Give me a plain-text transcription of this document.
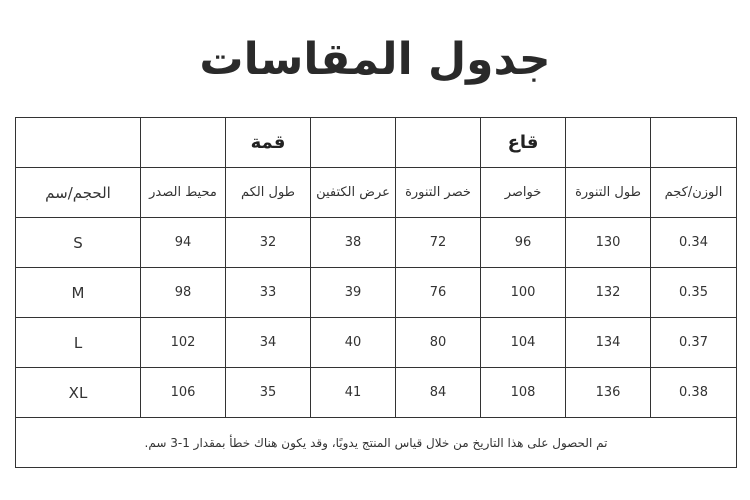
جدول المقاسات
		قمة			قاع		
الحجم/سم	محيط الصدر	طول الكم	عرض الكتفين	خصر التنورة	خواصر	طول التنورة	الوزن/كجم
S	94	32	38	72	96	130	0.34
M	98	33	39	76	100	132	0.35
L	102	34	40	80	104	134	0.37
XL	106	35	41	84	108	136	0.38
تم الحصول على هذا التاريخ من خلال قياس المنتج يدويًا، وقد يكون هناك خطأ بمقدار 1-3 سم.							
